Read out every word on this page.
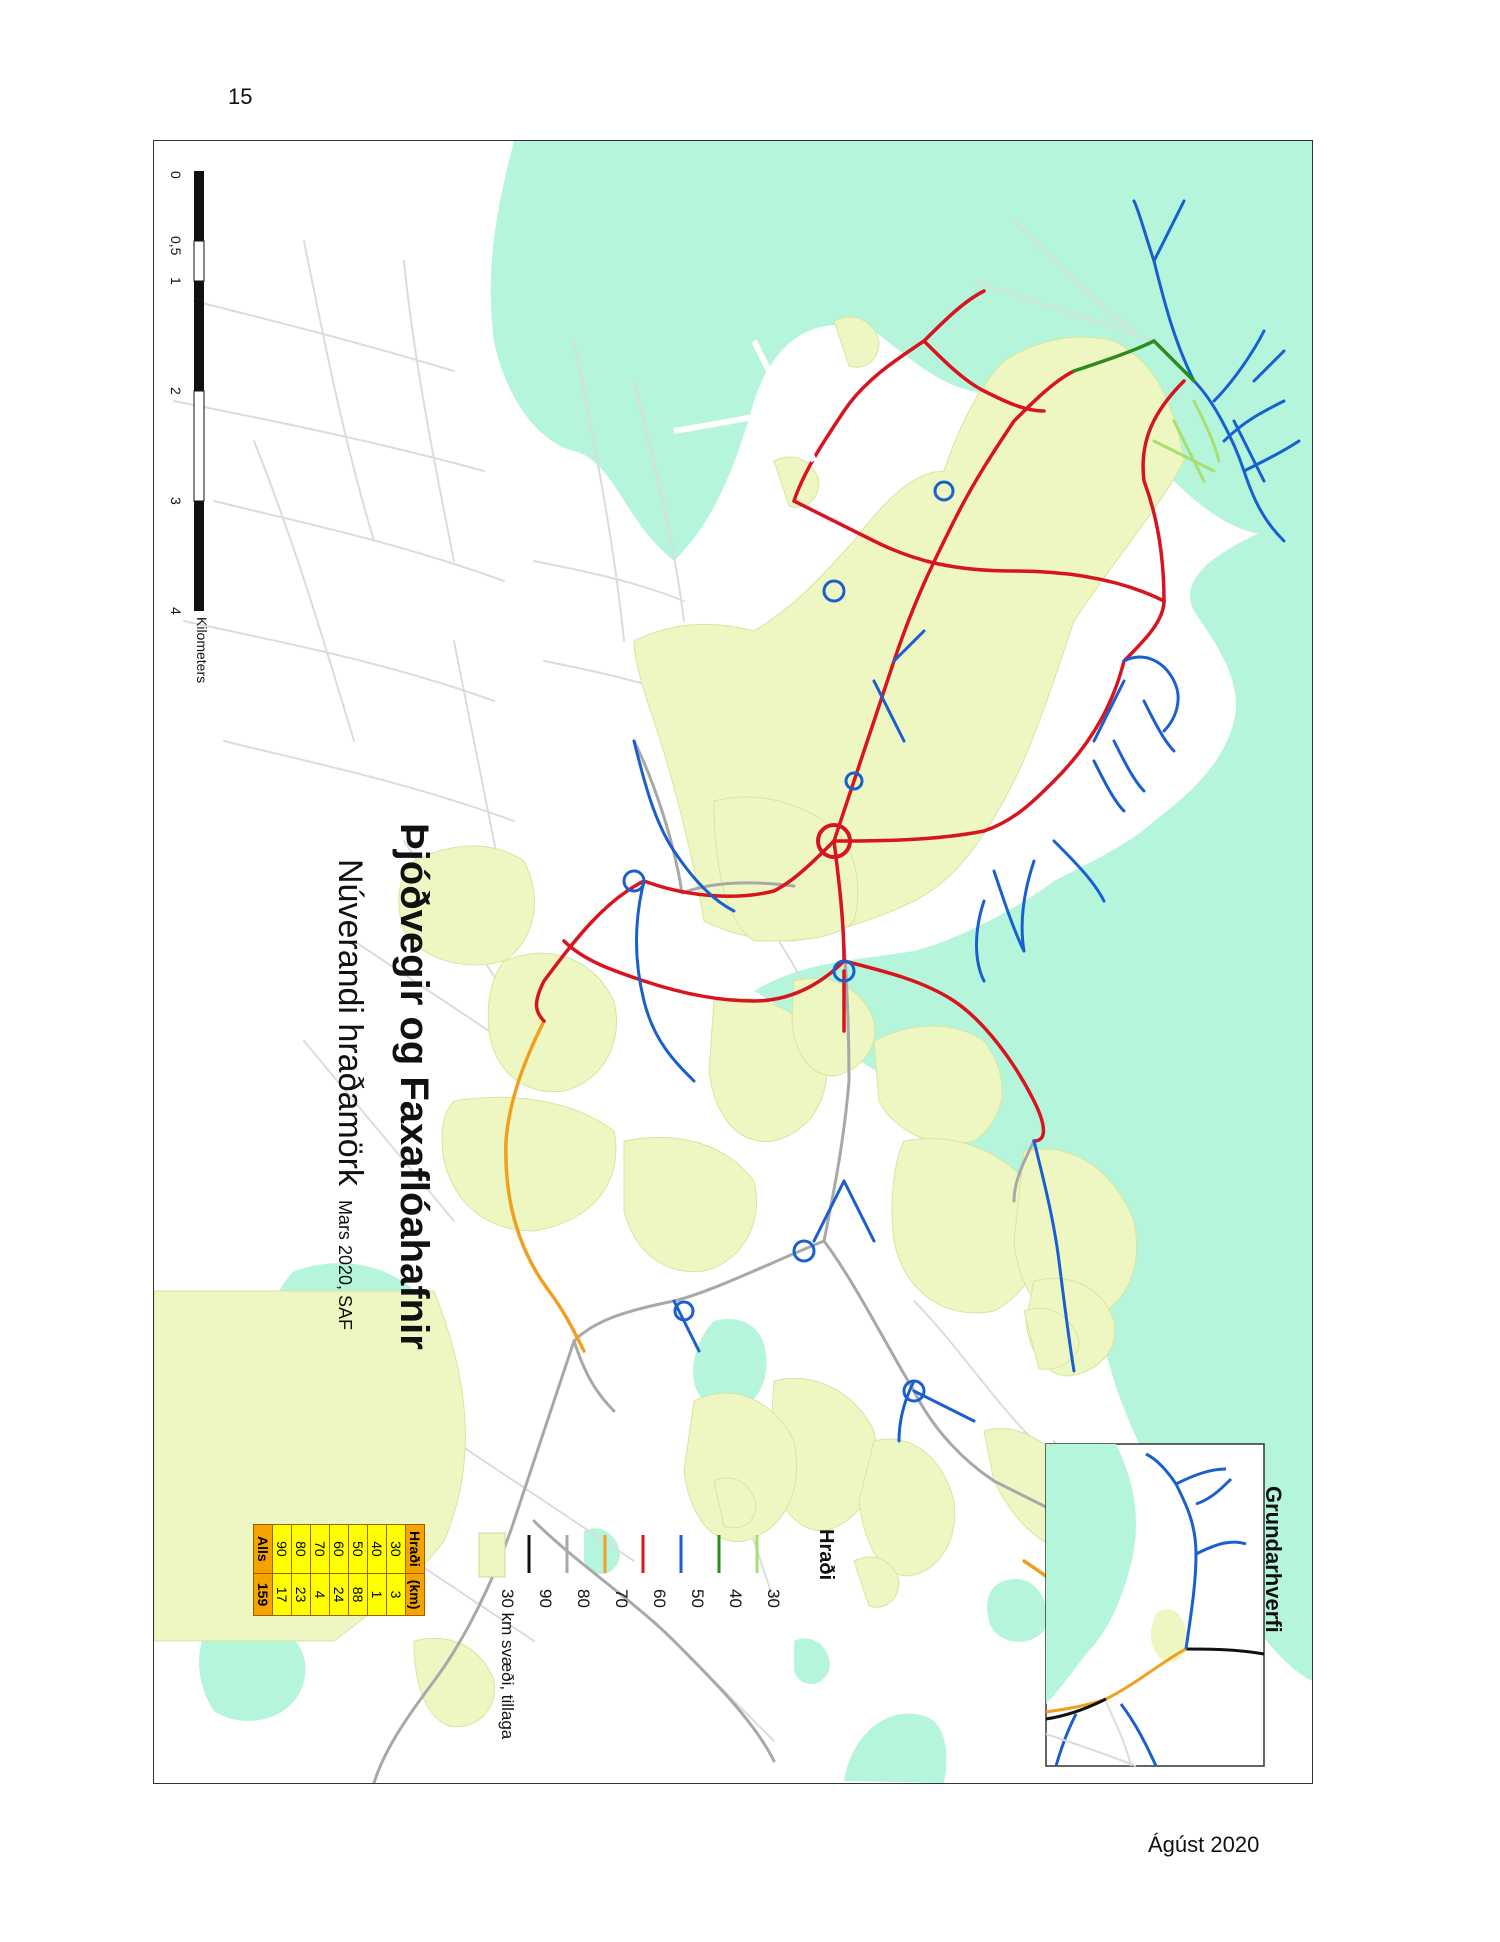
15
Ágúst 2020
Þjóðvegir og Faxaflóahafnir
Núverandi hraðamörkMars 2020, SAF
0
0,5
1
2
3
4
Kilometers
Hraði
30 km svæði, tillaga 90 80 70 60 50 40 30	Grundarhverfi
Hraði	(km)
30	3
40	1
50	88
60	24
70	4
80	23
90	17
Alls	159
